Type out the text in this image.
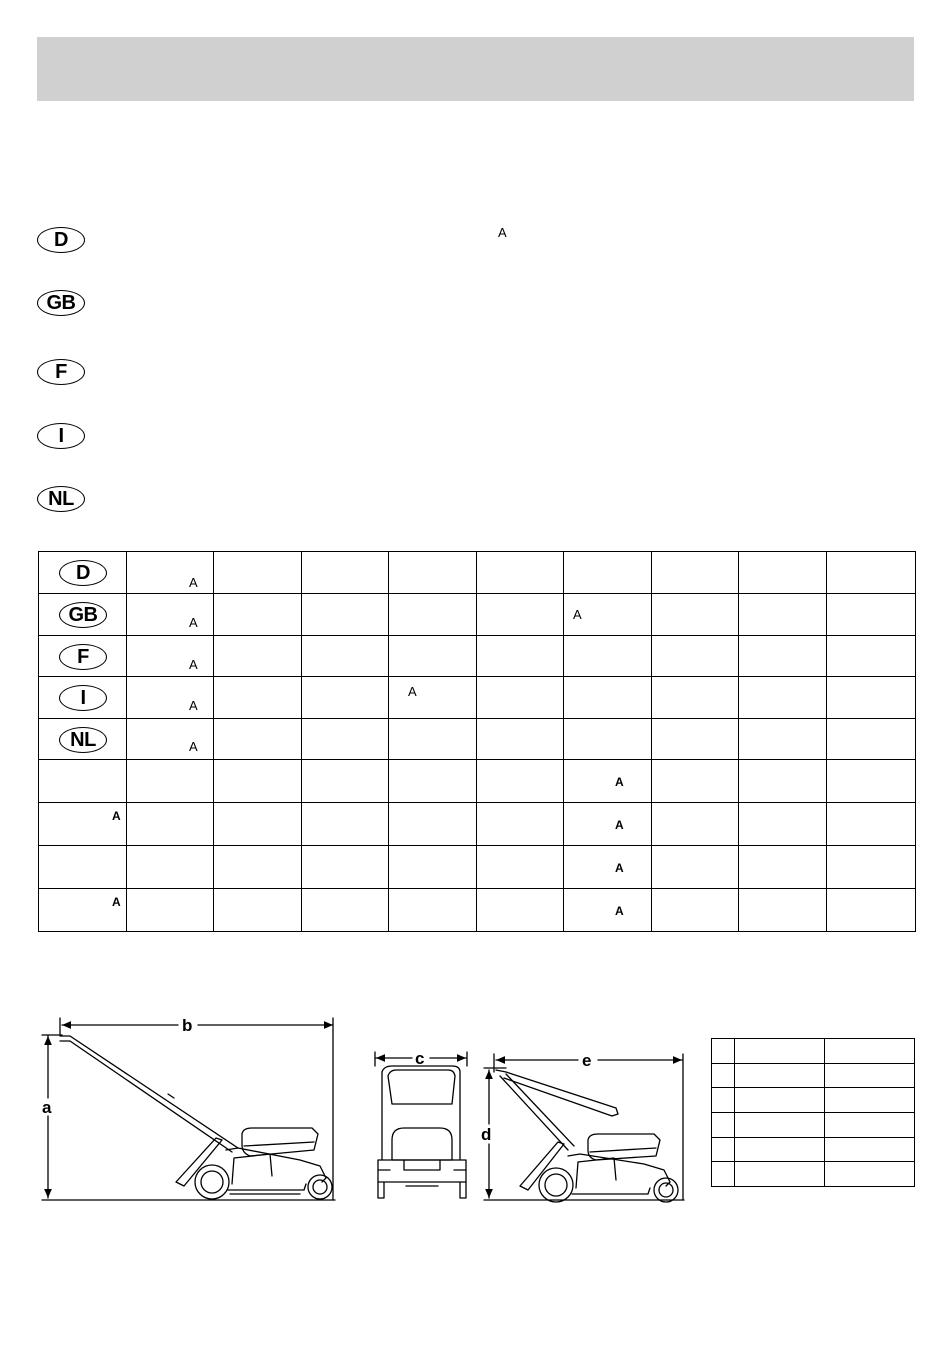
D
GB
F
I
NL
A
D	A								

GB	A					A			

F	A								

I	A			A					

NL	A								

						A			

A						A			

						A			

A						A			

b
a
c	e
d
